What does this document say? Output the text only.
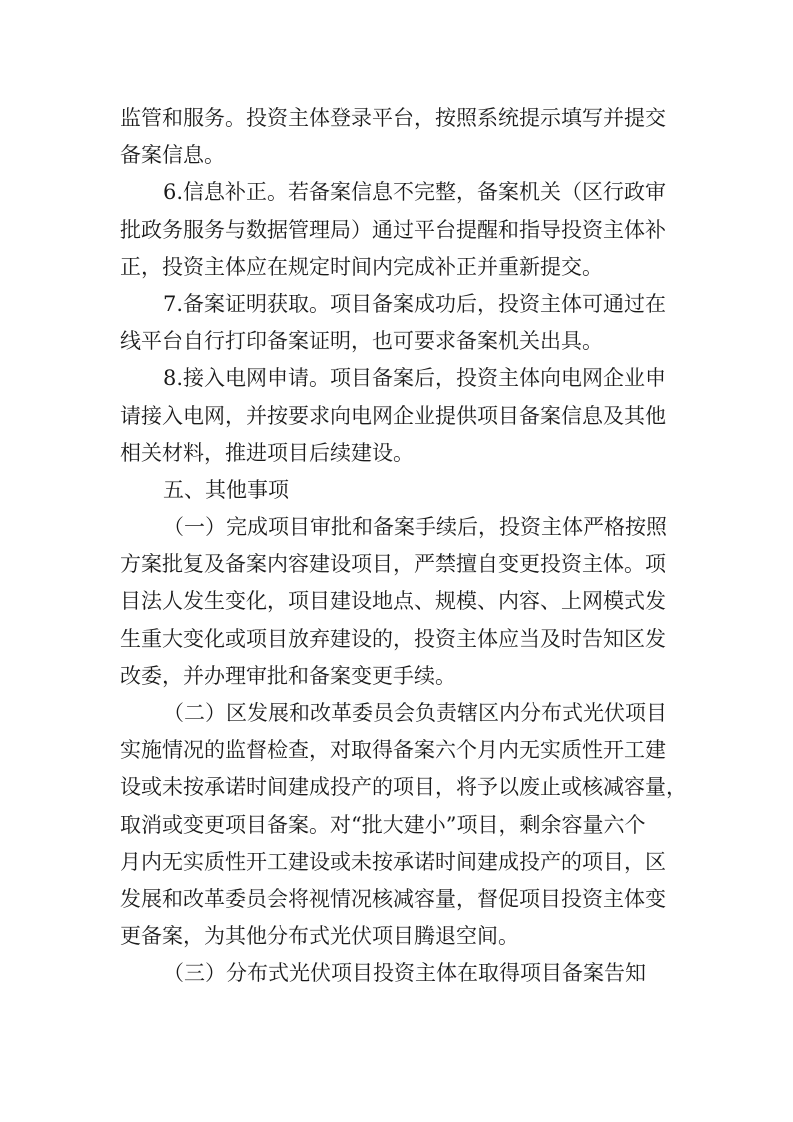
监管和服务。投资主体登录平台，按照系统提示填写并提交
备案信息。
6.信息补正。若备案信息不完整，备案机关（区行政审
批政务服务与数据管理局）通过平台提醒和指导投资主体补
正，投资主体应在规定时间内完成补正并重新提交。
7.备案证明获取。项目备案成功后，投资主体可通过在
线平台自行打印备案证明，也可要求备案机关出具。
8.接入电网申请。项目备案后，投资主体向电网企业申
请接入电网，并按要求向电网企业提供项目备案信息及其他
相关材料，推进项目后续建设。
五、其他事项
（一）完成项目审批和备案手续后，投资主体严格按照
方案批复及备案内容建设项目，严禁擅自变更投资主体。项
目法人发生变化，项目建设地点、规模、内容、上网模式发
生重大变化或项目放弃建设的，投资主体应当及时告知区发
改委，并办理审批和备案变更手续。
（二）区发展和改革委员会负责辖区内分布式光伏项目
实施情况的监督检查，对取得备案六个月内无实质性开工建
设或未按承诺时间建成投产的项目，将予以废止或核减容量，
取消或变更项目备案。对“批大建小”项目，剩余容量六个
月内无实质性开工建设或未按承诺时间建成投产的项目，区
发展和改革委员会将视情况核减容量，督促项目投资主体变
更备案，为其他分布式光伏项目腾退空间。
（三）分布式光伏项目投资主体在取得项目备案告知
